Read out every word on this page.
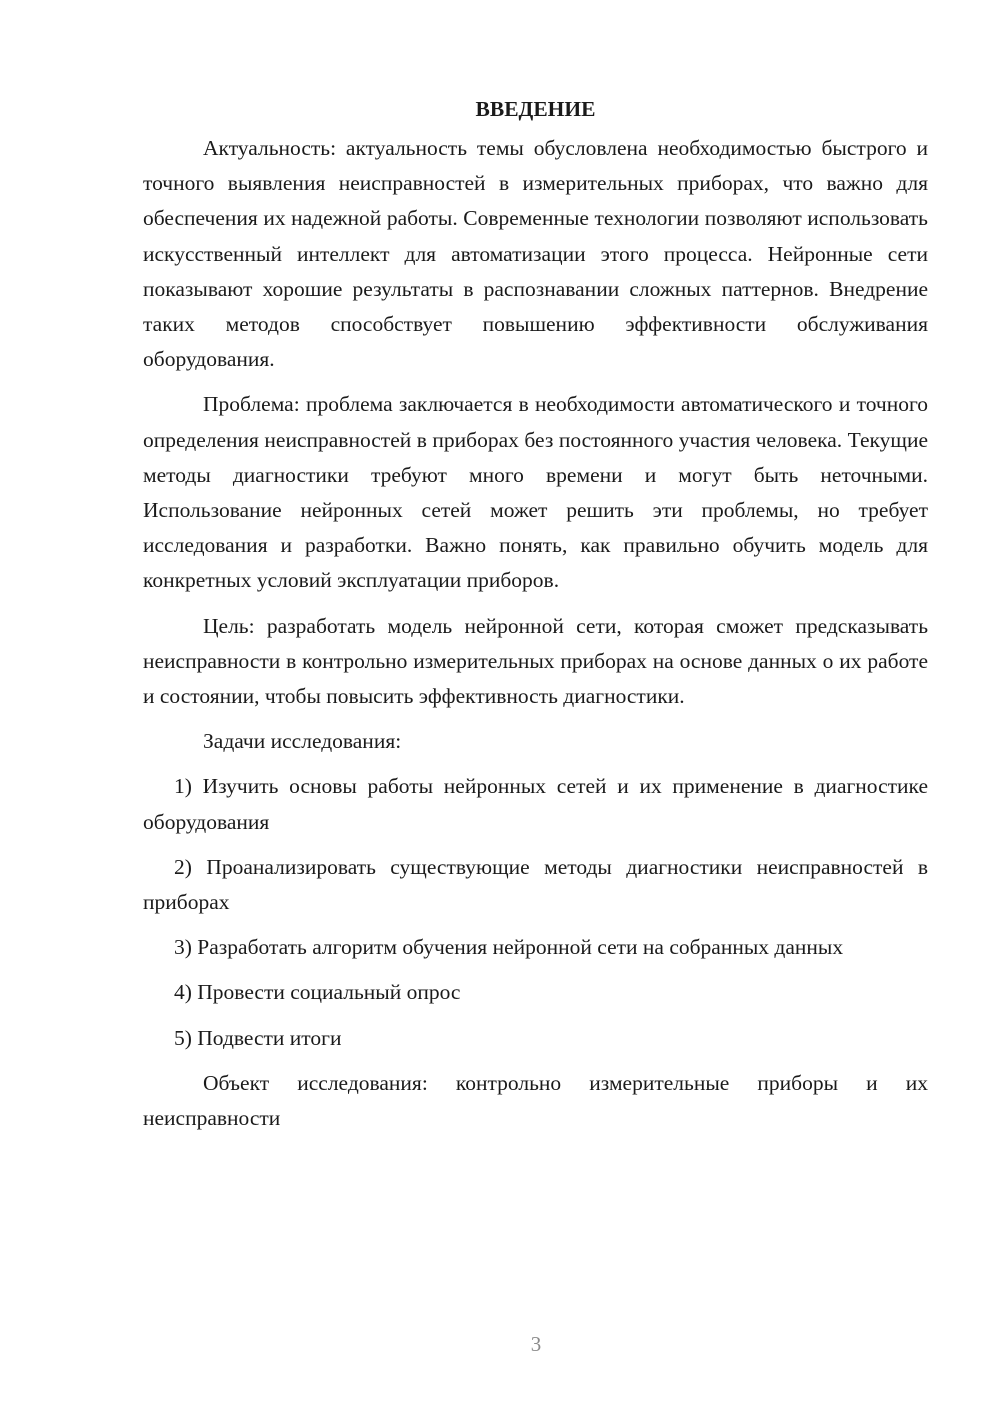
ВВЕДЕНИЕ

Актуальность: актуальность темы обусловлена необходимостью быстрого и точного выявления неисправностей в измерительных приборах, что важно для обеспечения их надежной работы. Современные технологии позволяют использовать искусственный интеллект для автоматизации этого процесса. Нейронные сети показывают хорошие результаты в распознавании сложных паттернов. Внедрение таких методов способствует повышению эффективности обслуживания оборудования.

Проблема: проблема заключается в необходимости автоматического и точного определения неисправностей в приборах без постоянного участия человека. Текущие методы диагностики требуют много времени и могут быть неточными. Использование нейронных сетей может решить эти проблемы, но требует исследования и разработки. Важно понять, как правильно обучить модель для конкретных условий эксплуатации приборов.

Цель: разработать модель нейронной сети, которая сможет предсказывать неисправности в контрольно измерительных приборах на основе данных о их работе и состоянии, чтобы повысить эффективность диагностики.

Задачи исследования:

1) Изучить основы работы нейронных сетей и их применение в диагностике оборудования

2) Проанализировать существующие методы диагностики неисправностей в приборах

3) Разработать алгоритм обучения нейронной сети на собранных данных

4) Провести социальный опрос

5) Подвести итоги

Объект исследования: контрольно измерительные приборы и их неисправности

3
